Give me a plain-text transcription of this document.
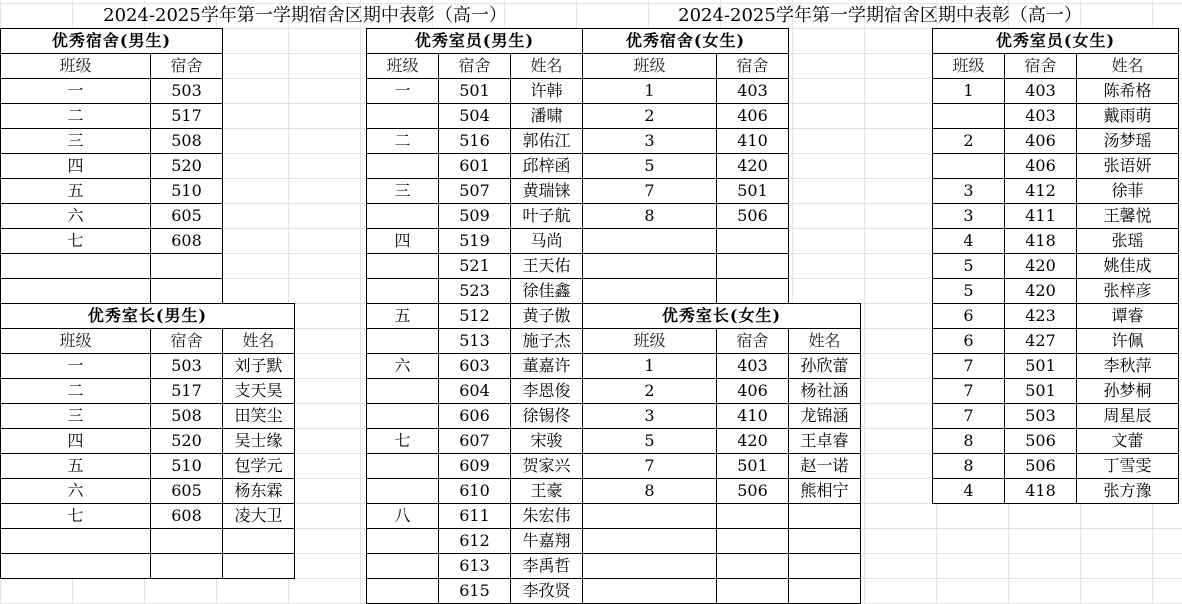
2024-2025学年第一学期宿舍区期中表彰（高一）	2024-2025学年第一学期宿舍区期中表彰（高一）
优秀宿舍(男生)	
班级	宿舍
一	503
二	517
三	508
四	520
五	510
六	605
七	608

优秀室长(男生)		
班级	宿舍	姓名
一	503	刘子默
二	517	支天昊
三	508	田笑尘
四	520	吴士缘
五	510	包学元
六	605	杨东霖
七	608	凌大卫

优秀室员(男生)		
班级	宿舍	姓名
一	501	许韩
	504	潘啸
二	516	郭佑江
	601	邱梓函
三	507	黄瑞铼
	509	叶子航
四	519	马尚
	521	王天佑
	523	徐佳鑫
五	512	黄子傲
	513	施子杰
六	603	董嘉许
	604	李恩俊
	606	徐锡佟
七	607	宋骏
	609	贺家兴
	610	王豪
八	611	朱宏伟
	612	牛嘉翔
	613	李禹哲
	615	李孜贤
优秀宿舍(女生)	
班级	宿舍
1	403
2	406
3	410
5	420
7	501
8	506

优秀室长(女生)		
班级	宿舍	姓名
1	403	孙欣蕾
2	406	杨社涵
3	410	龙锦涵
5	420	王卓睿
7	501	赵一诺
8	506	熊相宁

优秀室员(女生)		
班级	宿舍	姓名
1	403	陈希格
	403	戴雨萌
2	406	汤梦瑶
	406	张语妍
3	412	徐菲
3	411	王馨悦
4	418	张瑶
5	420	姚佳成
5	420	张梓彦
6	423	谭睿
6	427	许佩
7	501	李秋萍
7	501	孙梦桐
7	503	周星辰
8	506	文蕾
8	506	丁雪雯
4	418	张方豫
